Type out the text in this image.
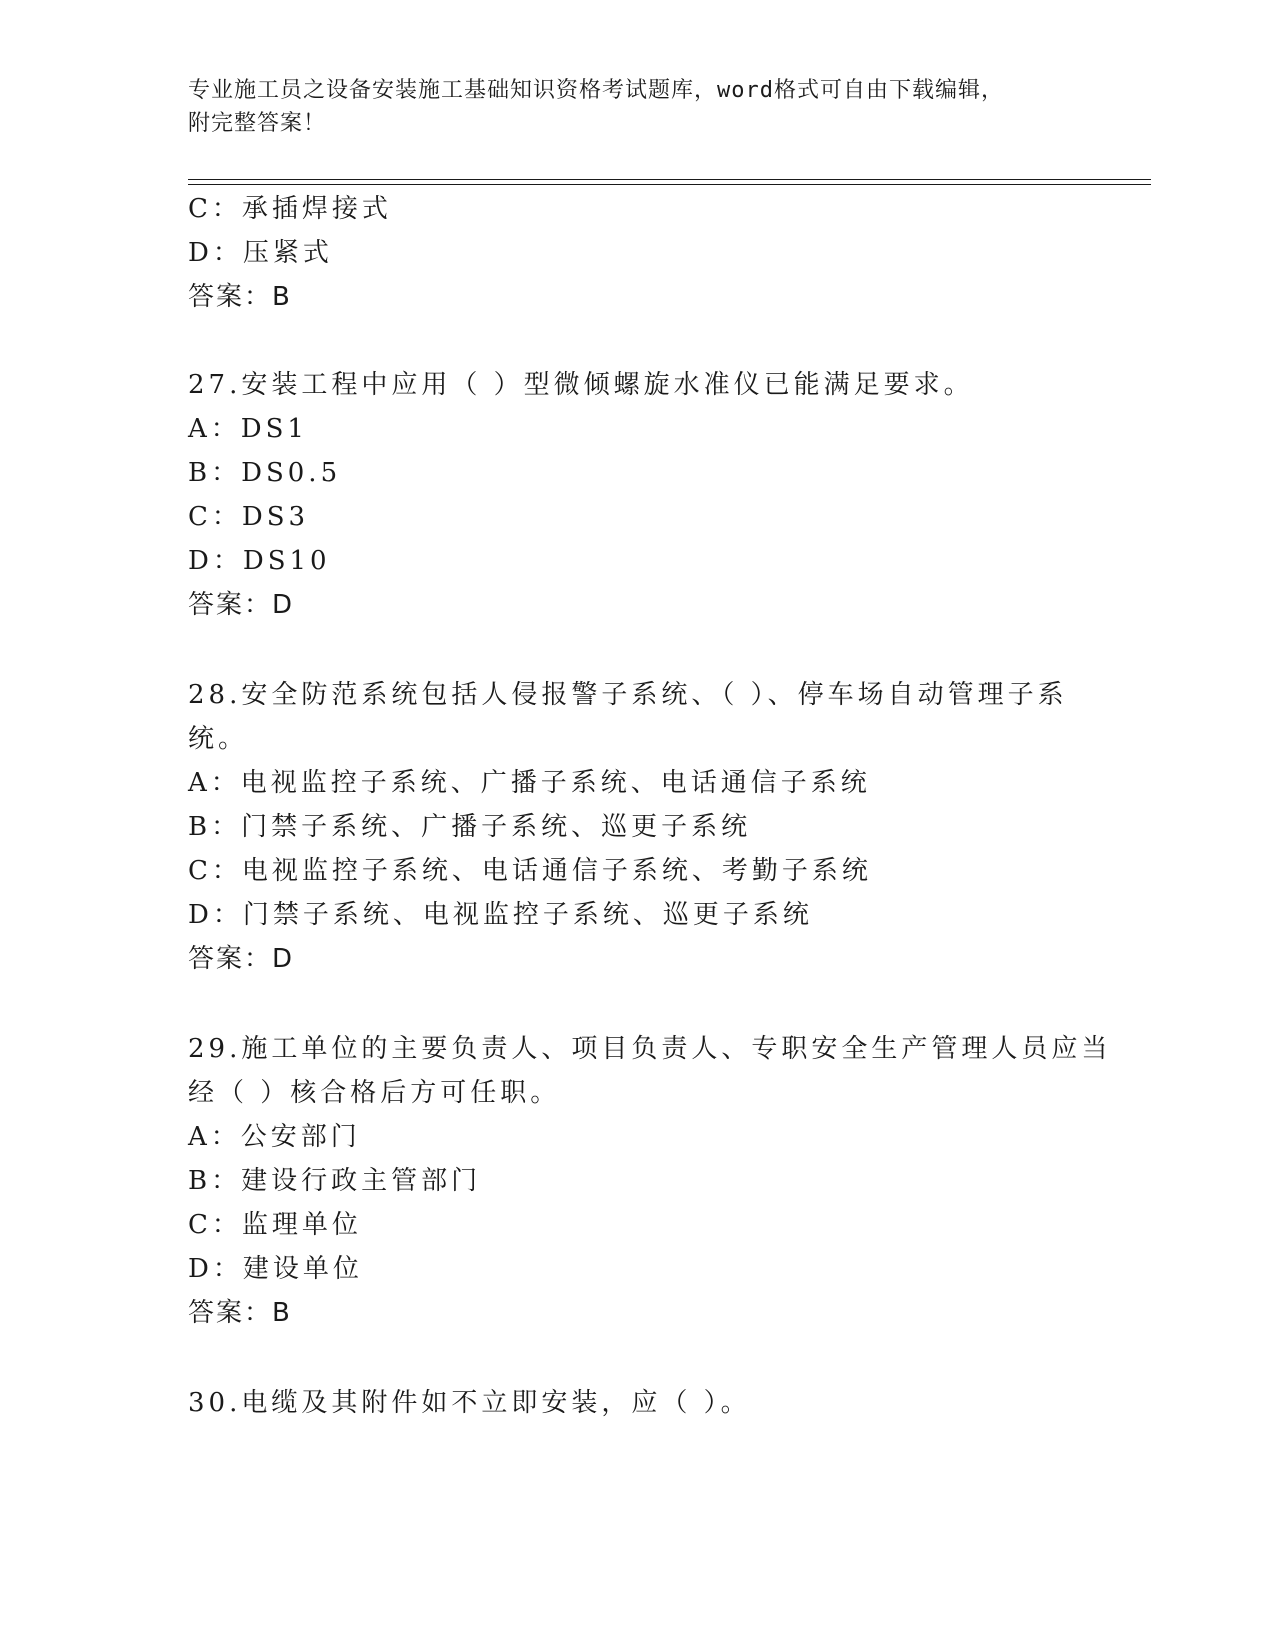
专业施工员之设备安装施工基础知识资格考试题库，word格式可自由下载编辑，
附完整答案！
C：承插焊接式
D：压紧式
答案：B
27.安装工程中应用（ ）型微倾螺旋水准仪已能满足要求。
A：DS1
B：DS0.5
C：DS3
D：DS10
答案：D
28.安全防范系统包括人侵报警子系统、（ ）、停车场自动管理子系
统。
A：电视监控子系统、广播子系统、电话通信子系统
B：门禁子系统、广播子系统、巡更子系统
C：电视监控子系统、电话通信子系统、考勤子系统
D：门禁子系统、电视监控子系统、巡更子系统
答案：D
29.施工单位的主要负责人、项目负责人、专职安全生产管理人员应当
经（ ）核合格后方可任职。
A：公安部门
B：建设行政主管部门
C：监理单位
D：建设单位
答案：B
30.电缆及其附件如不立即安装，应（ ）。
